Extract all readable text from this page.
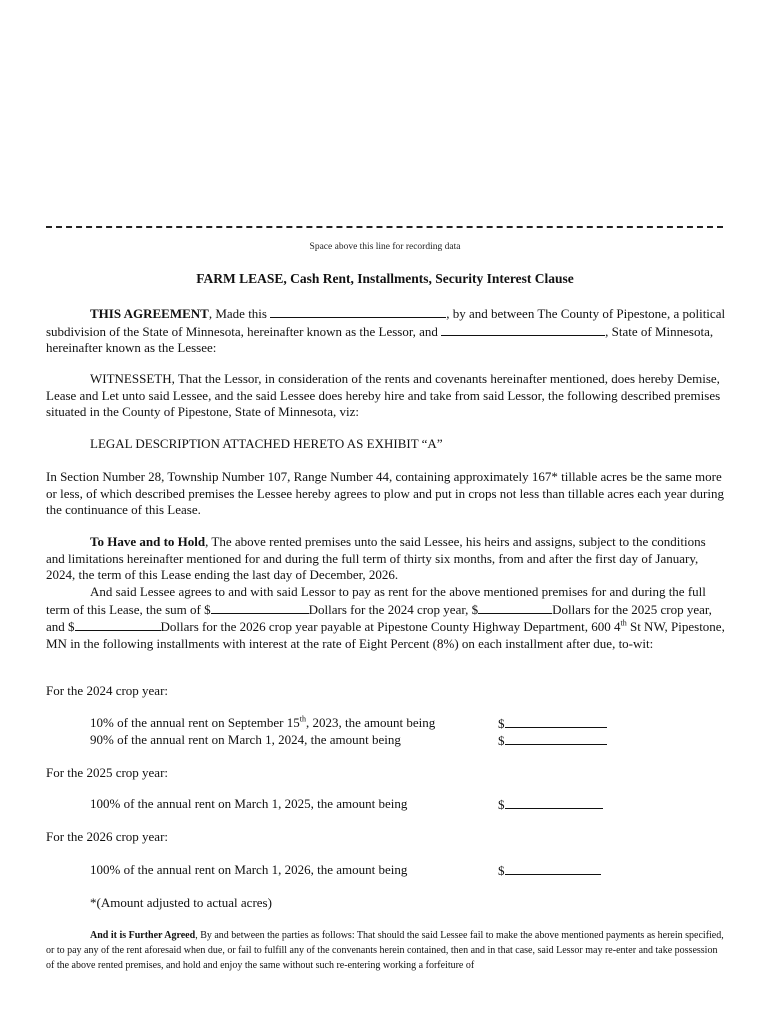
Space above this line for recording data
FARM LEASE, Cash Rent, Installments, Security Interest Clause
THIS AGREEMENT, Made this	, by and between The County of Pipestone, a political subdivision of the State of Minnesota, hereinafter known as the Lessor, and	, State of Minnesota, hereinafter known as the Lessee:
WITNESSETH, That the Lessor, in consideration of the rents and covenants hereinafter mentioned, does hereby Demise, Lease and Let unto said Lessee, and the said Lessee does hereby hire and take from said Lessor, the following described premises situated in the County of Pipestone, State of Minnesota, viz:
LEGAL DESCRIPTION ATTACHED HERETO AS EXHIBIT “A”
In Section Number 28, Township Number 107, Range Number 44, containing approximately 167* tillable acres be the same more or less, of which described premises the Lessee hereby agrees to plow and put in crops not less than tillable acres each year during the continuance of this Lease.
To Have and to Hold, The above rented premises unto the said Lessee, his heirs and assigns, subject to the conditions and limitations hereinafter mentioned for and during the full term of thirty six months, from and after the first day of January, 2024, the term of this Lease ending the last day of December, 2026.
And said Lessee agrees to and with said Lessor to pay as rent for the above mentioned premises for and during the full term of this Lease, the sum of $	Dollars for the 2024 crop year, $	Dollars for the 2025 crop year, and $	Dollars for the 2026 crop year payable at Pipestone County Highway Department, 600 4th St NW, Pipestone, MN in the following installments with interest at the rate of Eight Percent (8%) on each installment after due, to-wit:
For the 2024 crop year:
10% of the annual rent on September 15th, 2023, the amount being	$
90% of the annual rent on March 1, 2024, the amount being	$
For the 2025 crop year:
100% of the annual rent on March 1, 2025, the amount being	$
For the 2026 crop year:
100% of the annual rent on March 1, 2026, the amount being	$
*(Amount adjusted to actual acres)
And it is Further Agreed, By and between the parties as follows: That should the said Lessee fail to make the above mentioned payments as herein specified, or to pay any of the rent aforesaid when due, or fail to fulfill any of the convenants herein contained, then and in that case, said Lessor may re-enter and take possession of the above rented premises, and hold and enjoy the same without such re-entering working a forfeiture of
